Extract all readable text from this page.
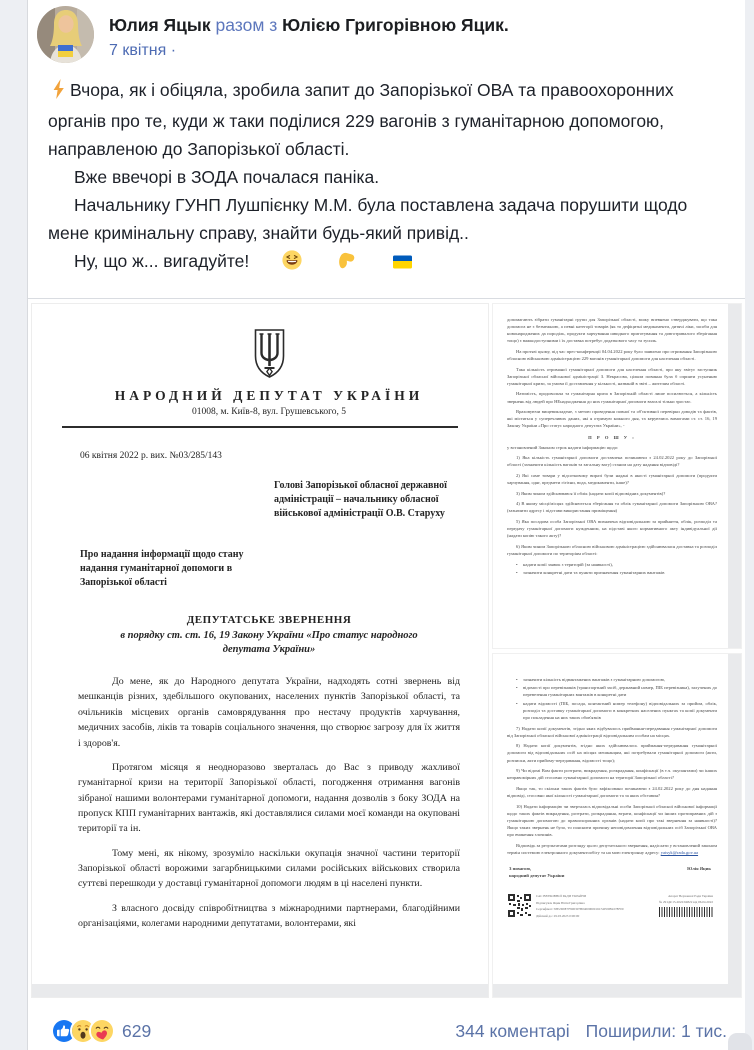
Юлия Яцык разом з Юлією Григорівною Яцик.
7 квітня ·

Вчора, як і обіцяла, зробила запит до Запорізької ОВА та правоохоронних органів про те, куди ж таки поділися 229 вагонів з гуманітарною допомогою, направленою до Запорізької області.

Вже ввечорі в ЗОДА почалася паніка.

Начальнику ГУНП Лушпієнку М.М. була поставлена задача порушити щодо мене кримінальну справу, знайти будь-який привід..

Ну, що ж... вигадуйте!

НАРОДНИЙ ДЕПУТАТ УКРАЇНИ
01008, м. Київ-8, вул. Грушевського, 5
06 квітня 2022 р. вих. №03/285/143
Голові Запорізької обласної державної адміністрації – начальнику обласної військової адміністрації О.В. Старуху
Про надання інформації щодо стану надання гуманітарної допомоги в Запорізької області
ДЕПУТАТСЬКЕ ЗВЕРНЕННЯ
в порядку ст. ст. 16, 19 Закону України «Про статус народного депутата України»

До мене, як до Народного депутата України, надходять сотні звернень від мешканців різних, здебільшого окупованих, населених пунктів Запорізької області, та очільників місцевих органів самоврядування про нестачу продуктів харчування, медичних засобів, ліків та товарів соціального значення, що створює загрозу для їх життя і здоров'я.

Протягом місяця я неодноразово зверталась до Вас з приводу жахливої гуманітарної кризи на території Запорізької області, погодження отримання вагонів зібраної нашими волонтерами гуманітарної допомоги, надання дозволів з боку ЗОДА на пропуск КПП гуманітарних вантажів, які доставлялися силами моєї команди на окуповані території та ін.

Тому мені, як нікому, зрозуміло наскільки окупація значної частини території Запорізької області ворожими загарбницькими силами російських військових створила суттєві перешкоди у доставці гуманітарної допомоги людям в ці населені пункти.

З власного досвіду співробітництва з міжнародними партнерами, благодійними організаціями, колегами народними депутатами, волонтерами, які

допомагають зібрати гуманітарні групи для Запорізької області, можу впевнено стверджувати, що така допомога не є безмежною, а певні категорії товарів (як то дефіцитні медикаменти, дитячі ліки, засоби для новонароджених да породіль, продукти харчування швидкого приготування та довготривалого зберігання тощо) є важкодоступними і їх доставка потребує додаткового часу та зусиль.

На протязі цьому, під час прес-конференції 04.04.2022 року було заявлено про отримання Запорізькою обласною військовою адміністрацією 229 вагонів гуманітарної допомоги для населення області.

Така кількість отриманої гуманітарної допомоги для населення області, про яку звітує заступник Запорізької обласної військової адміністрації З. Некрасова, цілком повинна була б сприяти усуненню гуманітарної кризи, за умови її доставлення у кількості, названій в звіті – жителям області.

Натомість, продовольча та гуманітарна криза в Запорізькій області лише посилюється, а кількість звернень від людей про НЕнадходження до них гуманітарної допомоги взагалі тільки зростає.

Враховуючи вищевикладене, з метою проведення повної та об'єктивної перевірки доводів та фактів, які містяться у суперечливих даних, які я отримую кожного дня, та керуючись вимогами ст. ст. 16, 19 Закону України «Про статус народного депутата України», -

П Р О Ш У :

у встановлений Законом строк надати інформацію щодо:

1) Яка кількість гуманітарної допомоги доставлена починаючи з 24.02.2022 року до Запорізької області (зазначити кількість вагонів та загальну вагу) станом на дату надання відповіді?

2) Які саме товари у відсотковому виразі були надані в якості гуманітарної допомоги (продукти харчування, одяг, предмети гігієни, вода, медикаменти, інше)?

3) Яким чином здійснювався її облік (надати копії відповідних документів)?

4) В якому місці/місцях здійснюється зберігання та облік гуманітарної допомоги Запорізькою ОВА? (зазначити адресу і підстави використання приміщення)

5) Яка посадова особа Запорізької ОВА визначена відповідальною за прийняття, облік, розподіл та передачу гуманітарної допомоги нужденним, на підставі якого нормативного акту індивідуальної дії (надати копію такого акту)?

6) Яким чином Запорізькою обласною військовою адміністрацією здійснювалася доставка та розподіл гуманітарної допомоги по територіям області:

• надати копії заявок з територій (за наявності),
• зазначити конкретні дати та пункти призначення гуманітарних вантажів
• зазначити кількість відвантажених вантажів з гуманітарною допомогою,
• відомості про перевізників (транспортний засіб, державний номер, ПІБ перевізника), залучених до перевезення гуманітарних вантажів в конкретні дати
• надати відомості (ПІБ, посада, контактний номер телефону) відповідальних за прийом, облік, розподіл та доставку гуманітарної допомоги в конкретних населених пунктах та копії документи про покладення на них таких обов'язків

7) Надати копії документів, згідно яких відбувалось приймання-передавання гуманітарної допомоги від Запорізької обласної військової адміністрації відповідальним особам на місцях.

8) Надати копії документів, згідно яких здійснювалось приймання-передавання гуманітарної допомоги від відповідальних осіб на місцях мешканцям, які потребували гуманітарної допомоги (акти, розписки, акти прийому-передавання, відомості тощо);

9) Чи відомі Вам факти розтрати, викрадення, розкрадання, конфіскації (в т.ч. окупантами) чи інших неправомірних дій стосовно гуманітарної допомоги на території Запорізької області?

Якщо так, то скільки таких фактів було зафіксовано починаючи з 24.02.2022 року до дня надання відповіді, стосовно якої кількості гуманітарної допомоги та за яких обставин?

10) Надати інформацію чи зверталась відповідальні особи Запорізької обласної військової інформації щодо таких фактів викрадення, розтрати, розкрадання, втрати, конфіскації чи інших протиправних дій з гуманітарною допомогою до правоохоронних органів (надати копії про такі звернення за наявності)? Якщо таких звернень не було, то пояснити причину неповідомлення відповідальних осіб Запорізької ОВА про вчинення злочинів.

Відповідь за результатами розгляду цього депутатського звернення, надіслати у встановлений законом термін системою електронного документообігу та на мою електронну адресу: yatsyk@rada.gov.ua

З повагою,
народний депутат України
Юлія Яцик
САС ВЕРХОВНОЇ РАДИ УКРАЇНИ
Підписувач Яцик Юлія Григорівна
Сертифікат: 58E2D9E7F900307B0400000016C52E00B2278F00
Дійсний до: 29.03.2023 0:00:00
Апарат Верховної Ради України
№ 291д9/15-2022/64822 від 06.04.2022
629	344 коментарі Поширили: 1 тис.
